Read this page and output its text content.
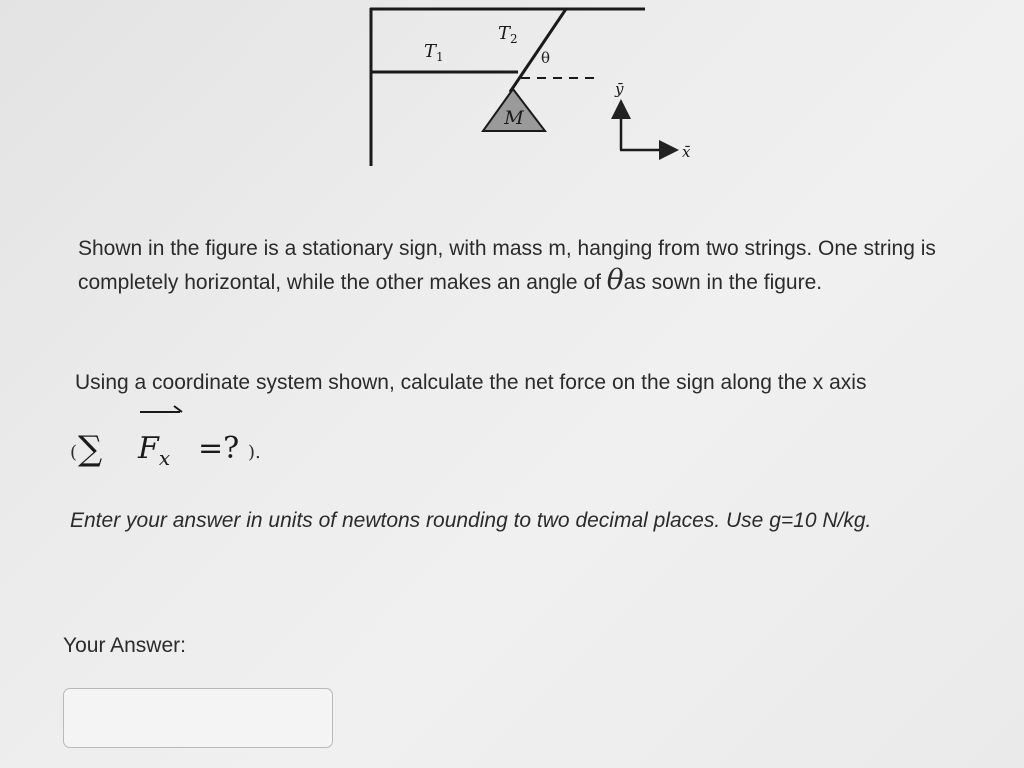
M
$T_1$
$T_2$
θ
ȳ
x̄
Shown in the figure is a stationary sign, with mass m, hanging from two strings. One string is completely horizontal, while the other makes an angle of θas sown in the figure.
Using a coordinate system shown, calculate the net force on the sign along the x axis
( ∑ $F_x$ =? ).
Enter your answer in units of newtons rounding to two decimal places. Use g=10 N/kg.
Your Answer:
